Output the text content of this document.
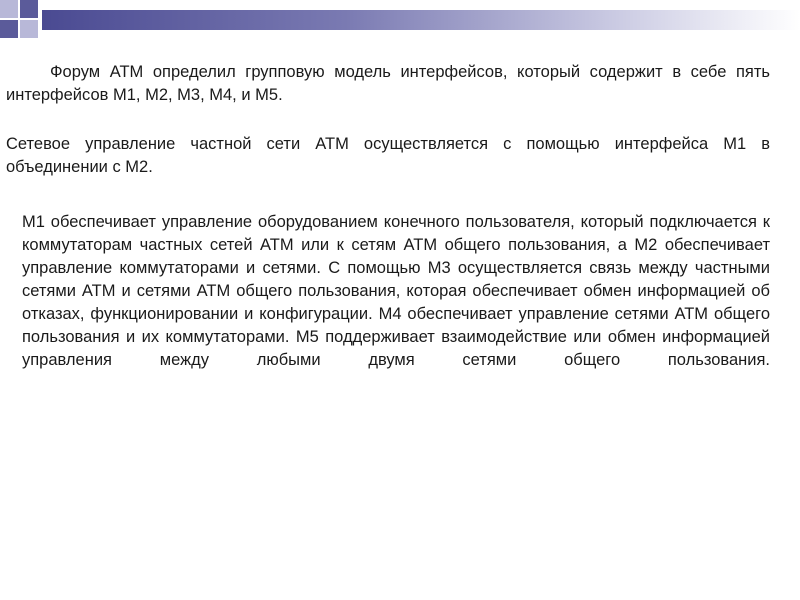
Форум АТМ определил групповую модель интерфейсов, который содержит в себе пять интерфейсов М1, М2, М3, М4, и М5.

Сетевое управление частной сети АТМ осуществляется с помощью интерфейса М1 в объединении с М2.

М1 обеспечивает управление оборудованием конечного пользователя, который подключается к коммутаторам частных сетей АТМ или к сетям АТМ общего пользования, а М2 обеспечивает управление коммутаторами и сетями. С помощью М3 осуществляется связь между частными сетями АТМ и сетями АТМ общего пользования, которая обеспечивает обмен информацией об отказах, функционировании и конфигурации. М4 обеспечивает управление сетями АТМ общего пользования и их коммутаторами. М5 поддерживает взаимодействие или обмен информацией управления между любыми двумя сетями общего пользования.
